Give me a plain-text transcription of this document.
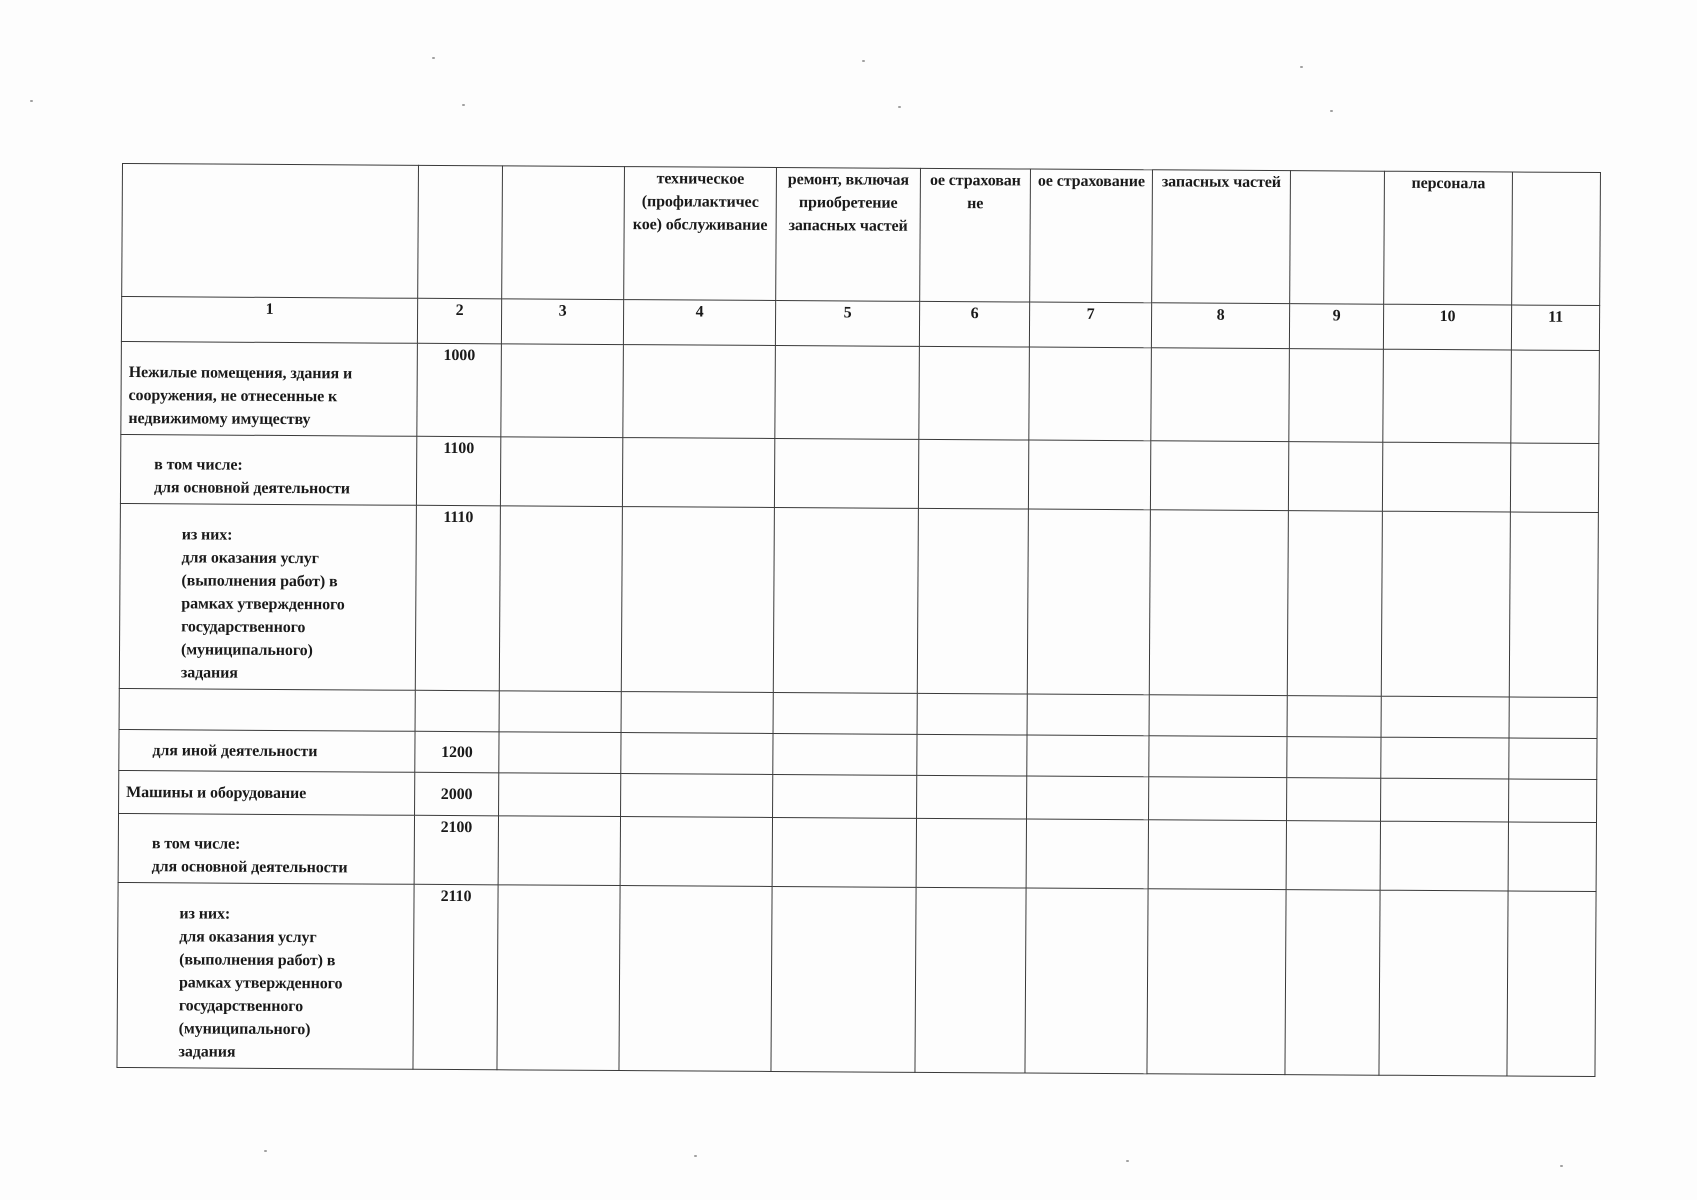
			техническое (профилактичес кое) обслуживание	ремонт, включая приобретение запасных частей	ое страхован не	ое страхование	запасных частей		персонала	
1	2	3	4	5	6	7	8	9	10	11

Нежилые помещения, здания и сооружения, не отнесенные к недвижимому имуществу	1000									

в том числе:
для основной деятельности	1100									

из них:
для оказания услуг (выполнения работ) в рамках утвержденного государственного (муниципального) задания	1110									

для иной деятельности	1200									

Машины и оборудование	2000									

в том числе:
для основной деятельности	2100									

из них:
для оказания услуг (выполнения работ) в рамках утвержденного государственного (муниципального) задания	2110									
